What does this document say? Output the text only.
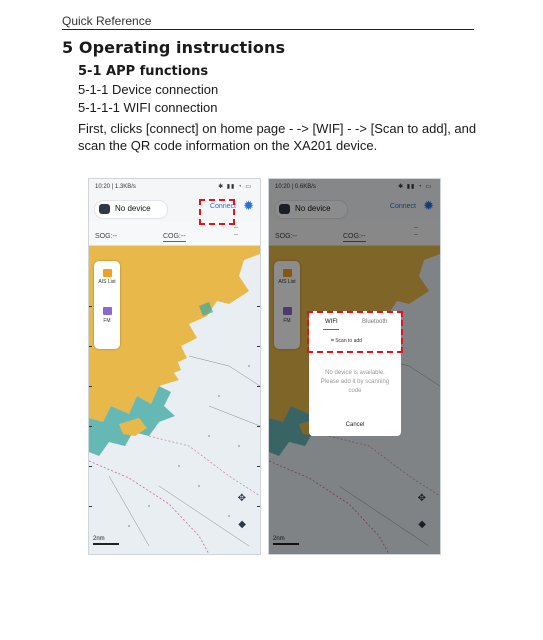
Quick Reference
5 Operating instructions
5-1 APP functions
5-1-1 Device connection
5-1-1-1 WIFI connection
First, clicks [connect] on home page - -> [WIF] - -> [Scan to add], and scan the QR code information on the XA201 device.
10:20 | 1.3KB/s	✱ ▮▮ ◔ ▭
No device	Connect ✹
SOG:--	COG:--
--
--
AIS List
FM
✥
◆
2nm
10:20 | 0.6KB/s	✱ ▮▮ ◔ ▭
No device	Connect ✹
SOG:--	COG:--
--
--
AIS List
FM
✥
◆
2nm
WIFI	Bluetooth
⌗ Scan to add
No device is available.
Please add it by scanning
code
Cancel
